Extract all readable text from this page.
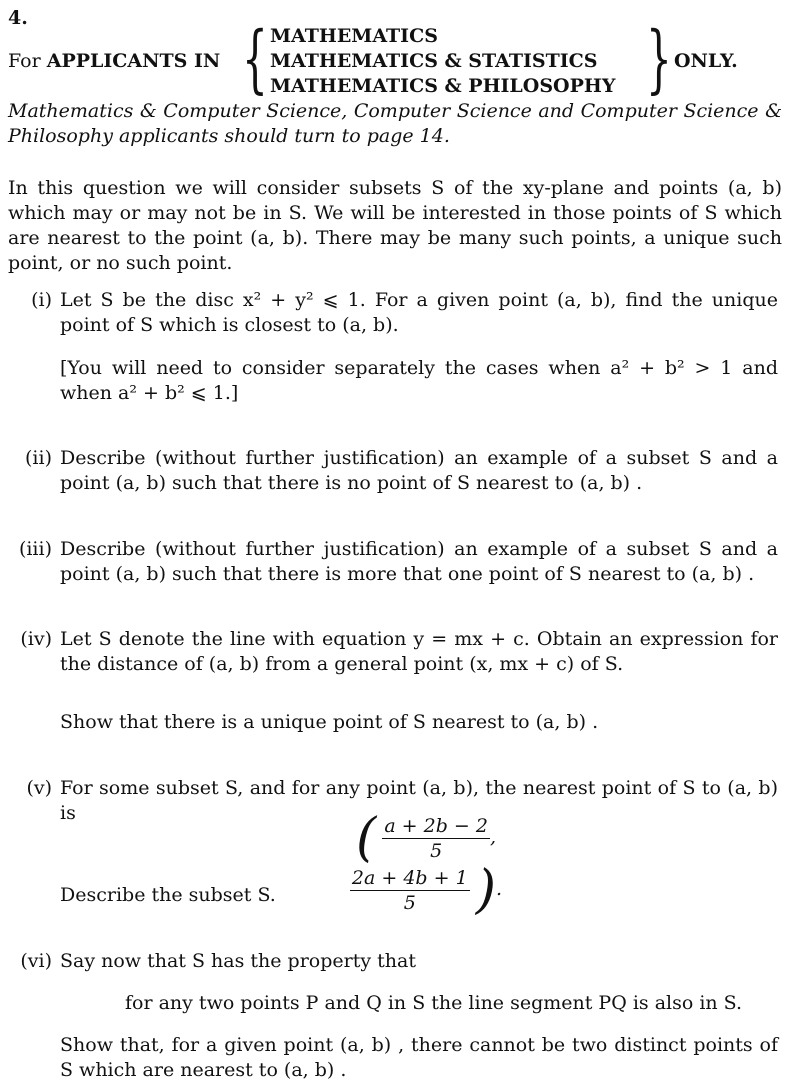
4.
For APPLICANTS IN { MATHEMATICS
MATHEMATICS & STATISTICS
MATHEMATICS & PHILOSOPHY } ONLY.
Mathematics & Computer Science, Computer Science and Computer Science & Philosophy applicants should turn to page 14.
In this question we will consider subsets S of the xy-plane and points (a, b) which may or may not be in S. We will be interested in those points of S which are nearest to the point (a, b). There may be many such points, a unique such point, or no such point.
(i) Let S be the disc x² + y² ⩽ 1. For a given point (a, b), find the unique point of S which is closest to (a, b).
[You will need to consider separately the cases when a² + b² > 1 and when a² + b² ⩽ 1.]
(ii) Describe (without further justification) an example of a subset S and a point (a, b) such that there is no point of S nearest to (a, b) .
(iii) Describe (without further justification) an example of a subset S and a point (a, b) such that there is more that one point of S nearest to (a, b) .
(iv) Let S denote the line with equation y = mx + c. Obtain an expression for the distance of (a, b) from a general point (x, mx + c) of S.
Show that there is a unique point of S nearest to (a, b) .
(v) For some subset S, and for any point (a, b), the nearest point of S to (a, b) is	( $\frac{a + 2b - 2}{5}$ ,
$\frac{2a + 4b + 1}{5}$ ).
Describe the subset S.
(vi) Say now that S has the property that
for any two points P and Q in S the line segment PQ is also in S.
Show that, for a given point (a, b) , there cannot be two distinct points of S which are nearest to (a, b) .
